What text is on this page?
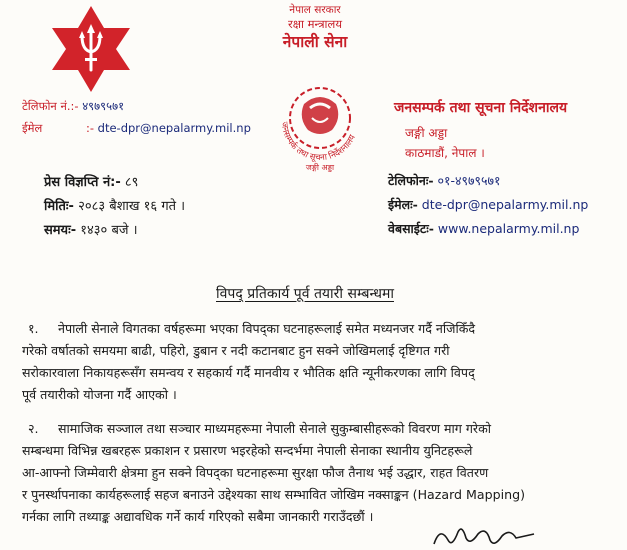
नेपाल सरकार
रक्षा मन्त्रालय
नेपाली सेना
जनसम्पर्क तथा सूचना निर्देशनालय
जङ्गी अड्डा
टेलिफोन नं.:- ४९७९५७१
ईमेल	:- dte-dpr@nepalarmy.mil.np
जनसम्पर्क तथा सूचना निर्देशनालय
जङ्गी अड्डा
काठमाडौं, नेपाल ।
टेलिफोनः- ०१-४९७९५७१
ईमेलः- dte-dpr@nepalarmy.mil.np
वेबसाईटः- www.nepalarmy.mil.np
प्रेस विज्ञप्ति नं:- ८९
मितिः- २०८३ बैशाख १६ गते ।
समयः- १४३० बजे ।
विपद् प्रतिकार्य पूर्व तयारी सम्बन्धमा
१. नेपाली सेनाले विगतका वर्षहरूमा भएका विपद्का घटनाहरूलाई समेत मध्यनजर गर्दै नजिकिँदै
गरेको वर्षातको समयमा बाढी, पहिरो, डुबान र नदी कटानबाट हुन सक्ने जोखिमलाई दृष्टिगत गरी
सरोकारवाला निकायहरूसँग समन्वय र सहकार्य गर्दै मानवीय र भौतिक क्षति न्यूनीकरणका लागि विपद्
पूर्व तयारीको योजना गर्दै आएको ।
२. सामाजिक सञ्जाल तथा सञ्चार माध्यमहरूमा नेपाली सेनाले सुकुम्बासीहरूको विवरण माग गरेको
सम्बन्धमा विभिन्न खबरहरू प्रकाशन र प्रसारण भइरहेको सन्दर्भमा नेपाली सेनाका स्थानीय युनिटहरूले
आ-आफ्नो जिम्मेवारी क्षेत्रमा हुन सक्ने विपद्का घटनाहरूमा सुरक्षा फौज तैनाथ भई उद्धार, राहत वितरण
र पुनर्स्थापनाका कार्यहरूलाई सहज बनाउने उद्देश्यका साथ सम्भावित जोखिम नक्साङ्कन (Hazard Mapping)
गर्नका लागि तथ्याङ्क अद्यावधिक गर्ने कार्य गरिएको सबैमा जानकारी गराउँदछौं ।
